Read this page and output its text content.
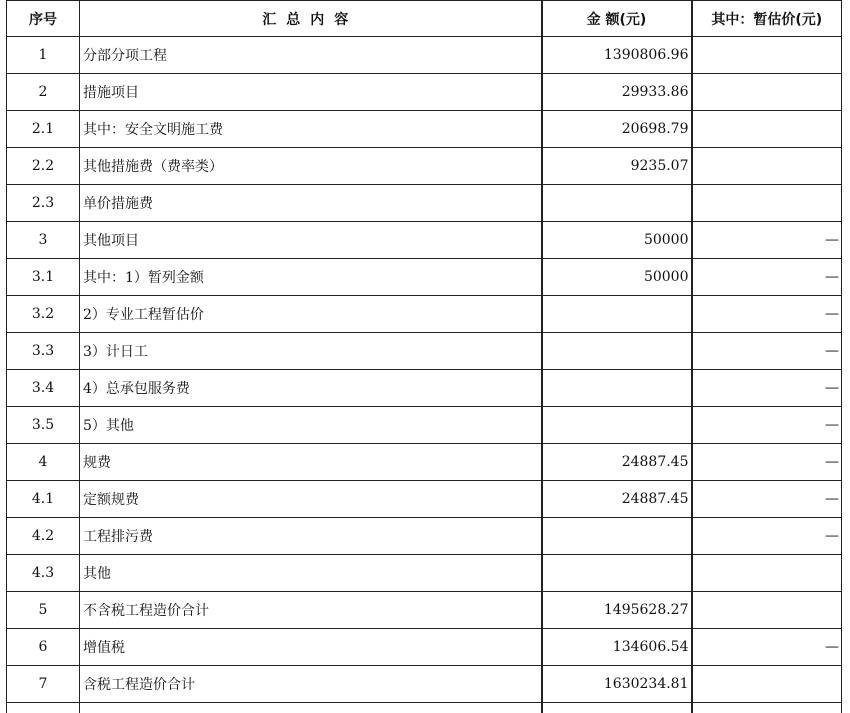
序号	汇总内容	金 额(元)	其中：暂估价(元)
1	分部分项工程	1390806.96	
2	措施项目	29933.86	
2.1	其中：安全文明施工费	20698.79	
2.2	其他措施费（费率类）	9235.07	
2.3	单价措施费		
3	其他项目	50000	—
3.1	其中：1）暂列金额	50000	—
3.2	2）专业工程暂估价		—
3.3	3）计日工		—
3.4	4）总承包服务费		—
3.5	5）其他		—
4	规费	24887.45	—
4.1	定额规费	24887.45	—
4.2	工程排污费		—
4.3	其他		
5	不含税工程造价合计	1495628.27	
6	增值税	134606.54	—
7	含税工程造价合计	1630234.81	
